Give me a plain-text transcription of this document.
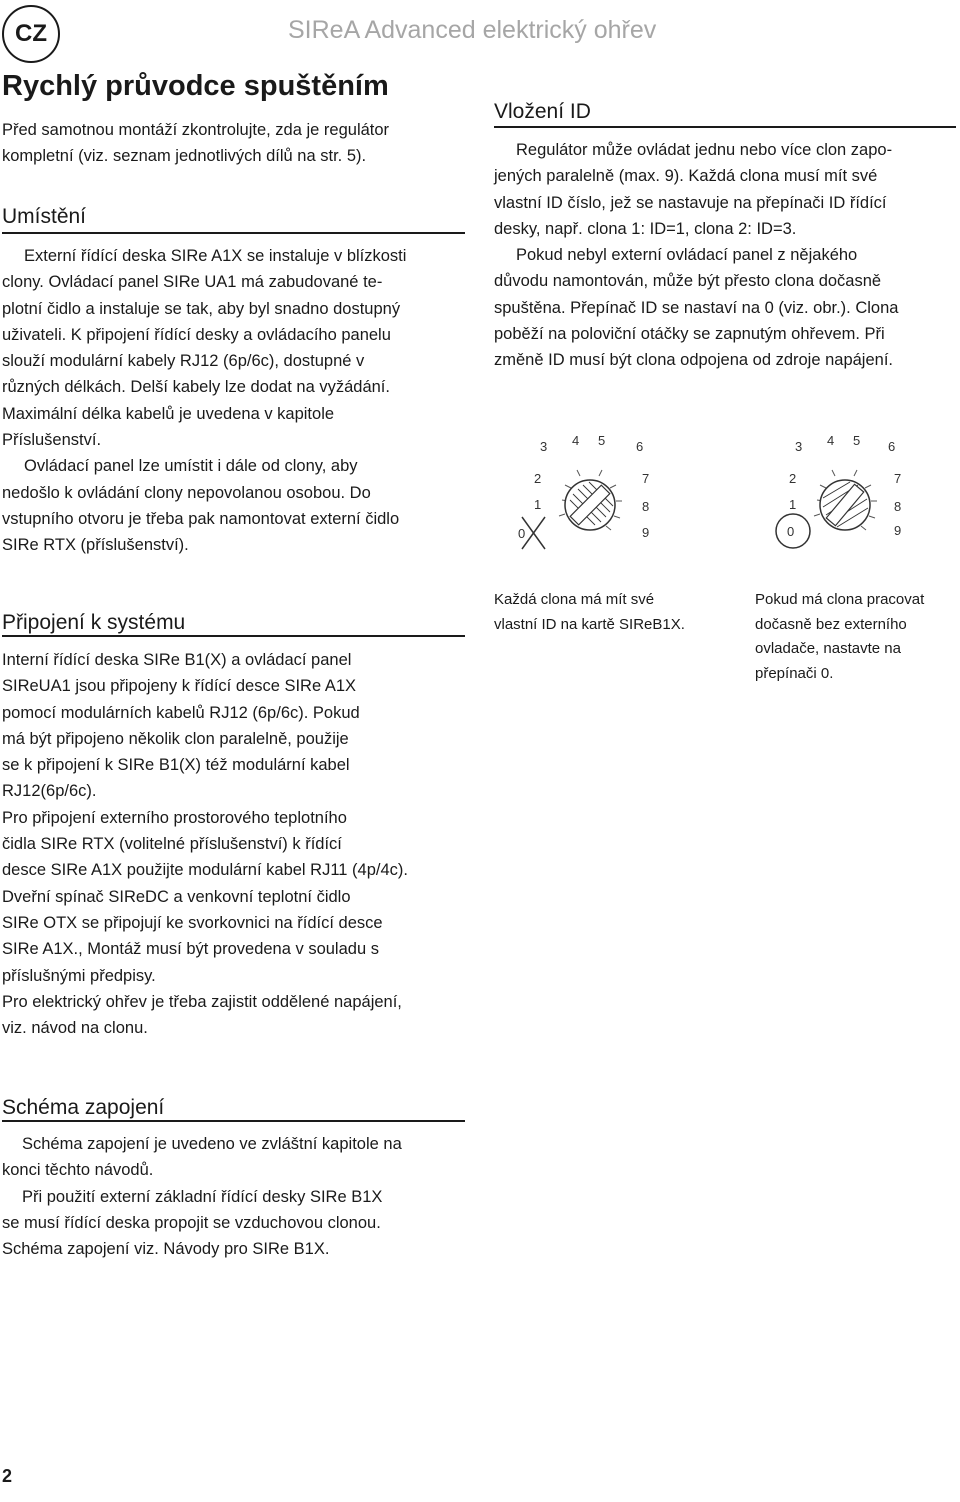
CZ	SIReA Advanced elektrický ohřev
Rychlý průvodce spuštěním

Před samotnou montáží zkontrolujte, zda je regulátor

kompletní (viz. seznam jednotlivých dílů na str. 5).

Umístění

Externí řídící deska SIRe A1X se instaluje v blízkosti

clony. Ovládací panel SIRe UA1 má zabudované te-

plotní čidlo a instaluje se tak, aby byl snadno dostupný

uživateli. K připojení řídící desky a ovládacího panelu

slouží modulární kabely RJ12 (6p/6c), dostupné v

různých délkách. Delší kabely lze dodat na vyžádání.

Maximální délka kabelů je uvedena v kapitole

Příslušenství.

Ovládací panel lze umístit i dále od clony, aby

nedošlo k ovládání clony nepovolanou osobou. Do

vstupního otvoru je třeba pak namontovat externí čidlo

SIRe RTX (příslušenství).

Připojení k systému

Interní řídící deska SIRe B1(X) a ovládací panel

SIReUA1 jsou připojeny k řídící desce SIRe A1X

pomocí modulárních kabelů RJ12 (6p/6c). Pokud

má být připojeno několik clon paralelně, použije

se k připojení k SIRe B1(X) též modulární kabel

RJ12(6p/6c).

Pro připojení externího prostorového teplotního

čidla SIRe RTX (volitelné příslušenství) k řídící

desce SIRe A1X použijte modulární kabel RJ11 (4p/4c).

Dveřní spínač SIReDC a venkovní teplotní čidlo

SIRe OTX se připojují ke svorkovnici na řídící desce

SIRe A1X., Montáž musí být provedena v souladu s

příslušnými předpisy.

Pro elektrický ohřev je třeba zajistit oddělené napájení,

viz. návod na clonu.

Schéma zapojení

Schéma zapojení je uvedeno ve zvláštní kapitole na

konci těchto návodů.

Při použití externí základní řídící desky SIRe B1X

se musí řídící deska propojit se vzduchovou clonou.

Schéma zapojení viz. Návody pro SIRe B1X.

Vložení ID

Regulátor může ovládat jednu nebo více clon zapo-

jených paralelně (max. 9). Každá clona musí mít své

vlastní ID číslo, jež se nastavuje na přepínači ID řídící

desky, např. clona 1: ID=1, clona 2: ID=3.

Pokud nebyl externí ovládací panel z nějakého

důvodu namontován, může být přesto clona dočasně

spuštěna. Přepínač ID se nastaví na 0 (viz. obr.). Clona

poběží na poloviční otáčky se zapnutým ohřevem. Při

změně ID musí být clona odpojena od zdroje napájení.

0
1
2
3 4 5 6
7
8
9	0
1
2
3 4 5 6
7
8
9

Každá clona má mít své

vlastní ID na kartě SIReB1X.

Pokud má clona pracovat

dočasně bez externího

ovladače, nastavte na

přepínači 0.

2
